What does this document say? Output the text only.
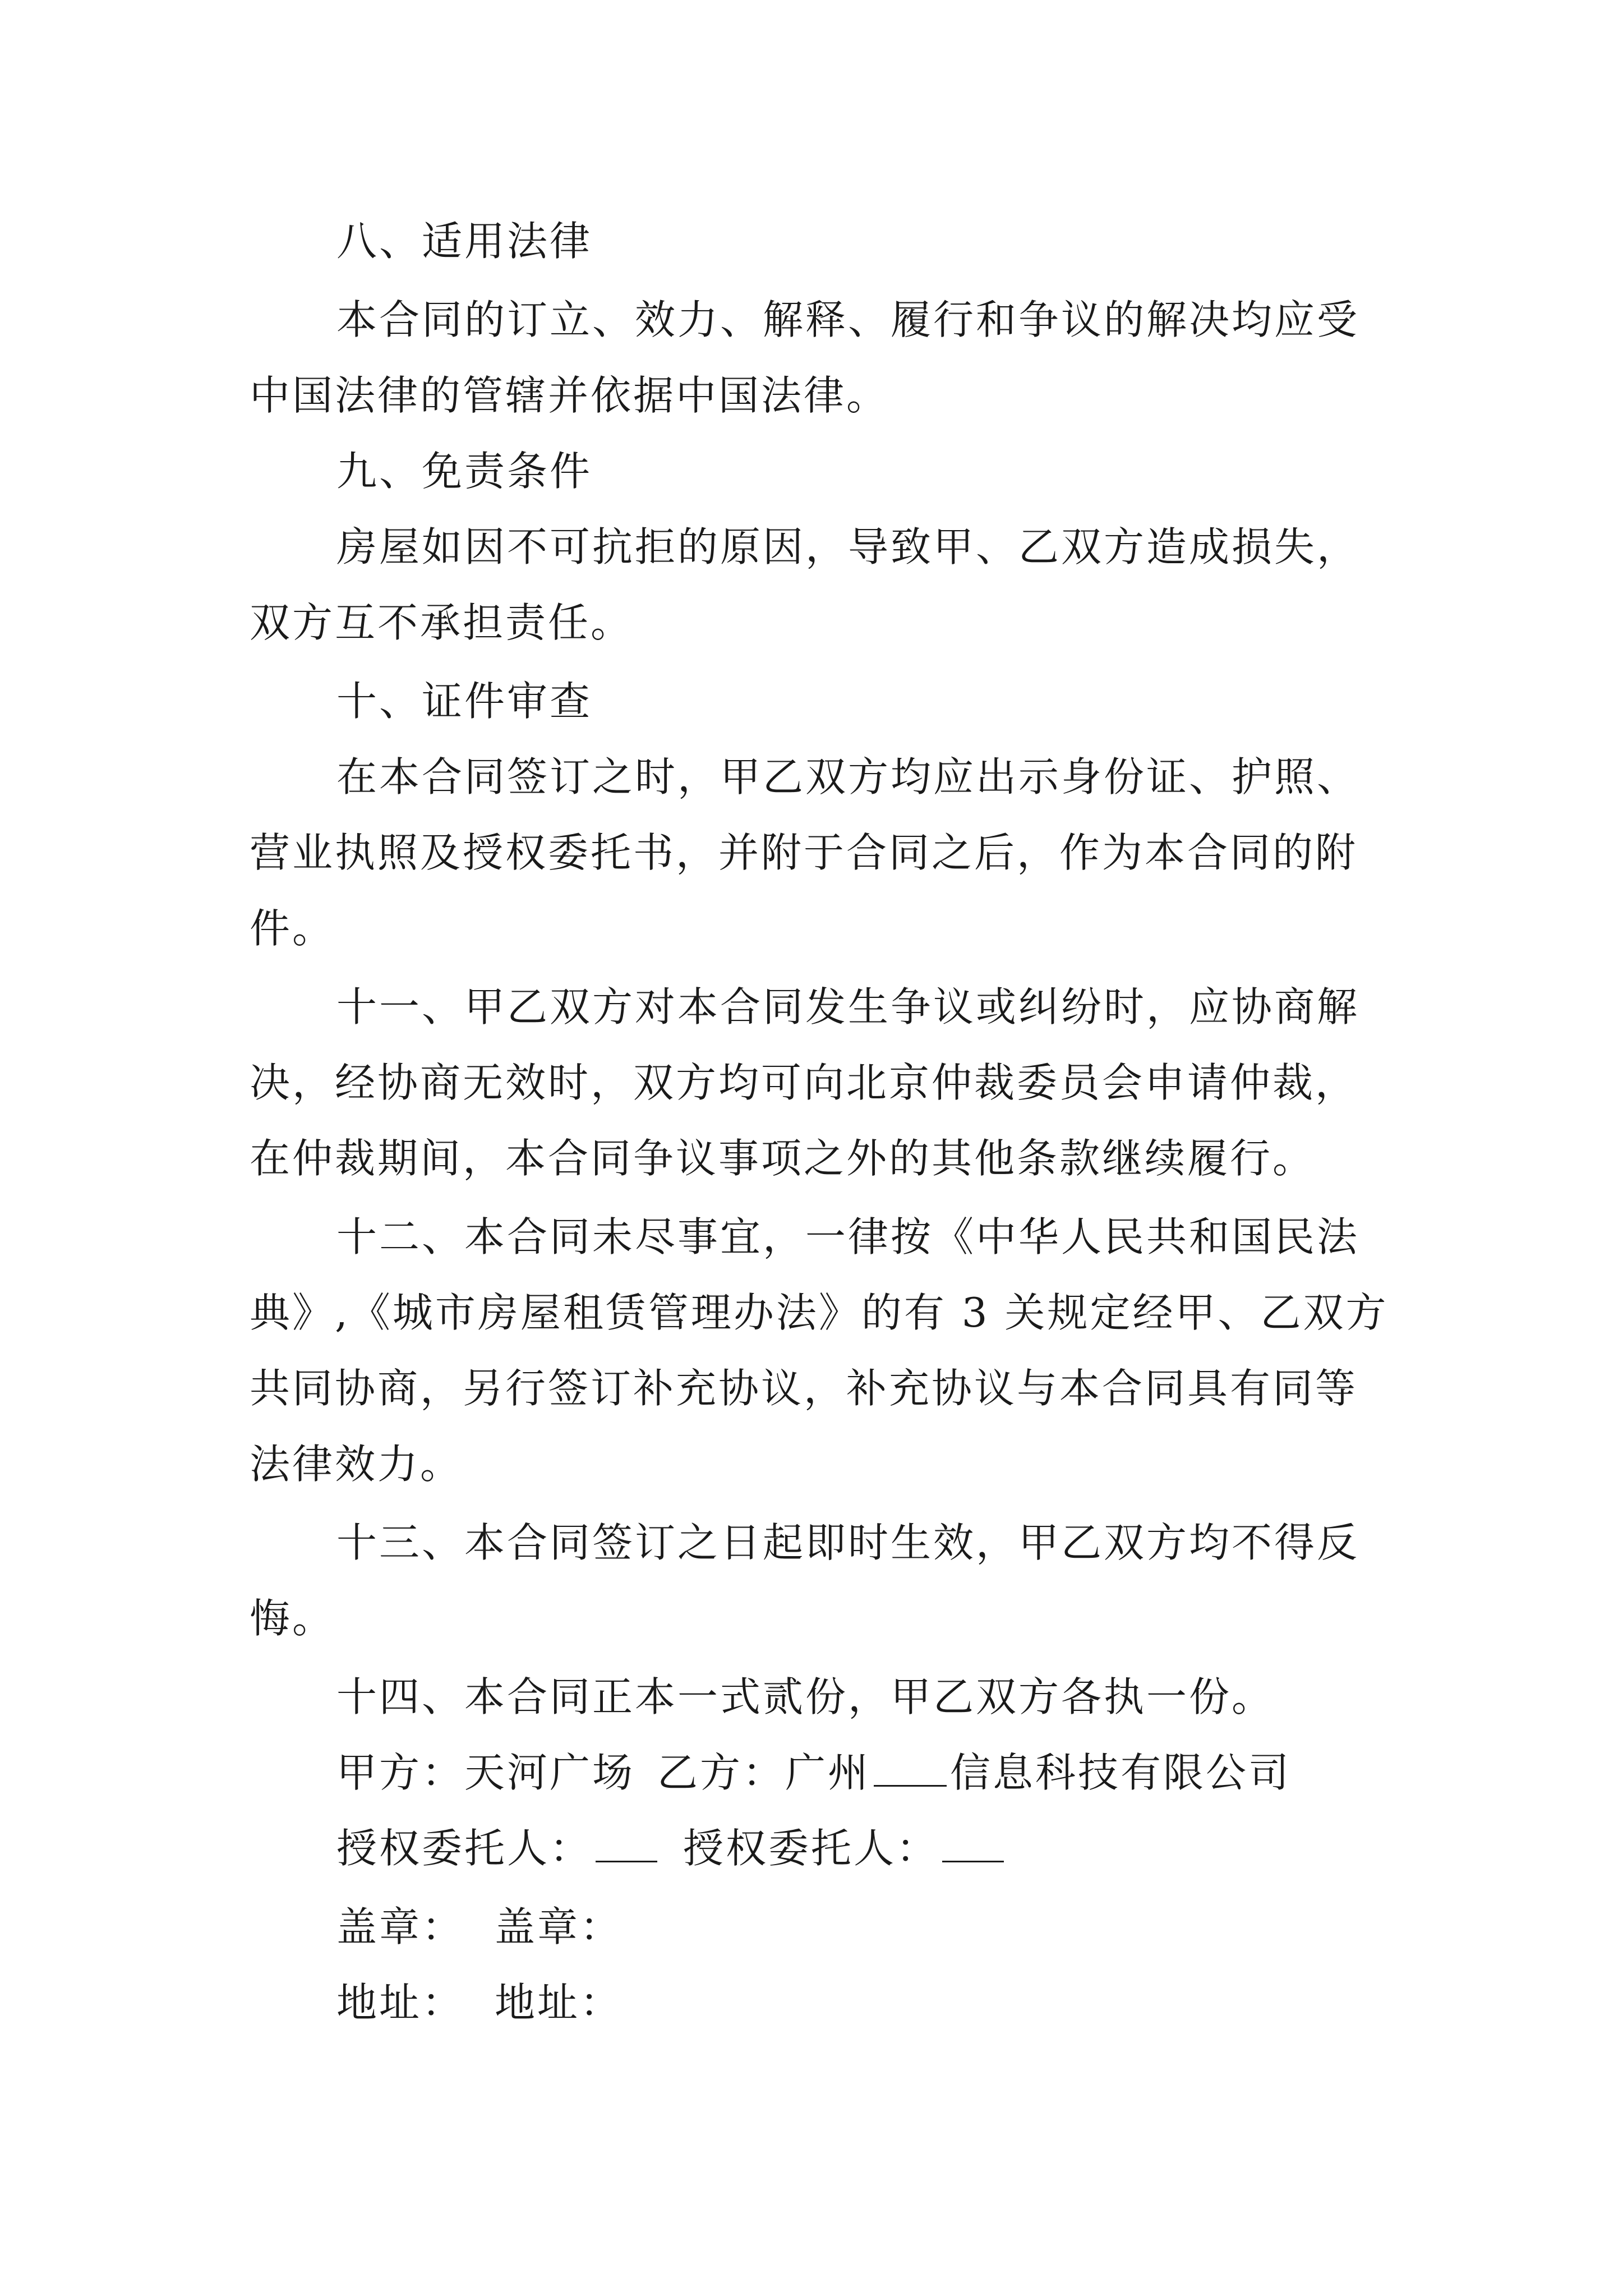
八、适用法律
本合同的订立、效力、解释、履行和争议的解决均应受
中国法律的管辖并依据中国法律。
九、免责条件
房屋如因不可抗拒的原因，导致甲、乙双方造成损失，
双方互不承担责任。
十、证件审查
在本合同签订之时，甲乙双方均应出示身份证、护照、
营业执照及授权委托书，并附于合同之后，作为本合同的附
件。
十一、甲乙双方对本合同发生争议或纠纷时，应协商解
决，经协商无效时，双方均可向北京仲裁委员会申请仲裁，
在仲裁期间，本合同争议事项之外的其他条款继续履行。
十二、本合同未尽事宜，一律按《中华人民共和国民法
典》,《城市房屋租赁管理办法》的有 3 关规定经甲、乙双方
共同协商，另行签订补充协议，补充协议与本合同具有同等
法律效力。
十三、本合同签订之日起即时生效，甲乙双方均不得反
悔。
十四、本合同正本一式贰份，甲乙双方各执一份。
甲方：天河广场 乙方：广州 信息科技有限公司
授权委托人： 授权委托人：
盖章： 盖章：
地址： 地址：
